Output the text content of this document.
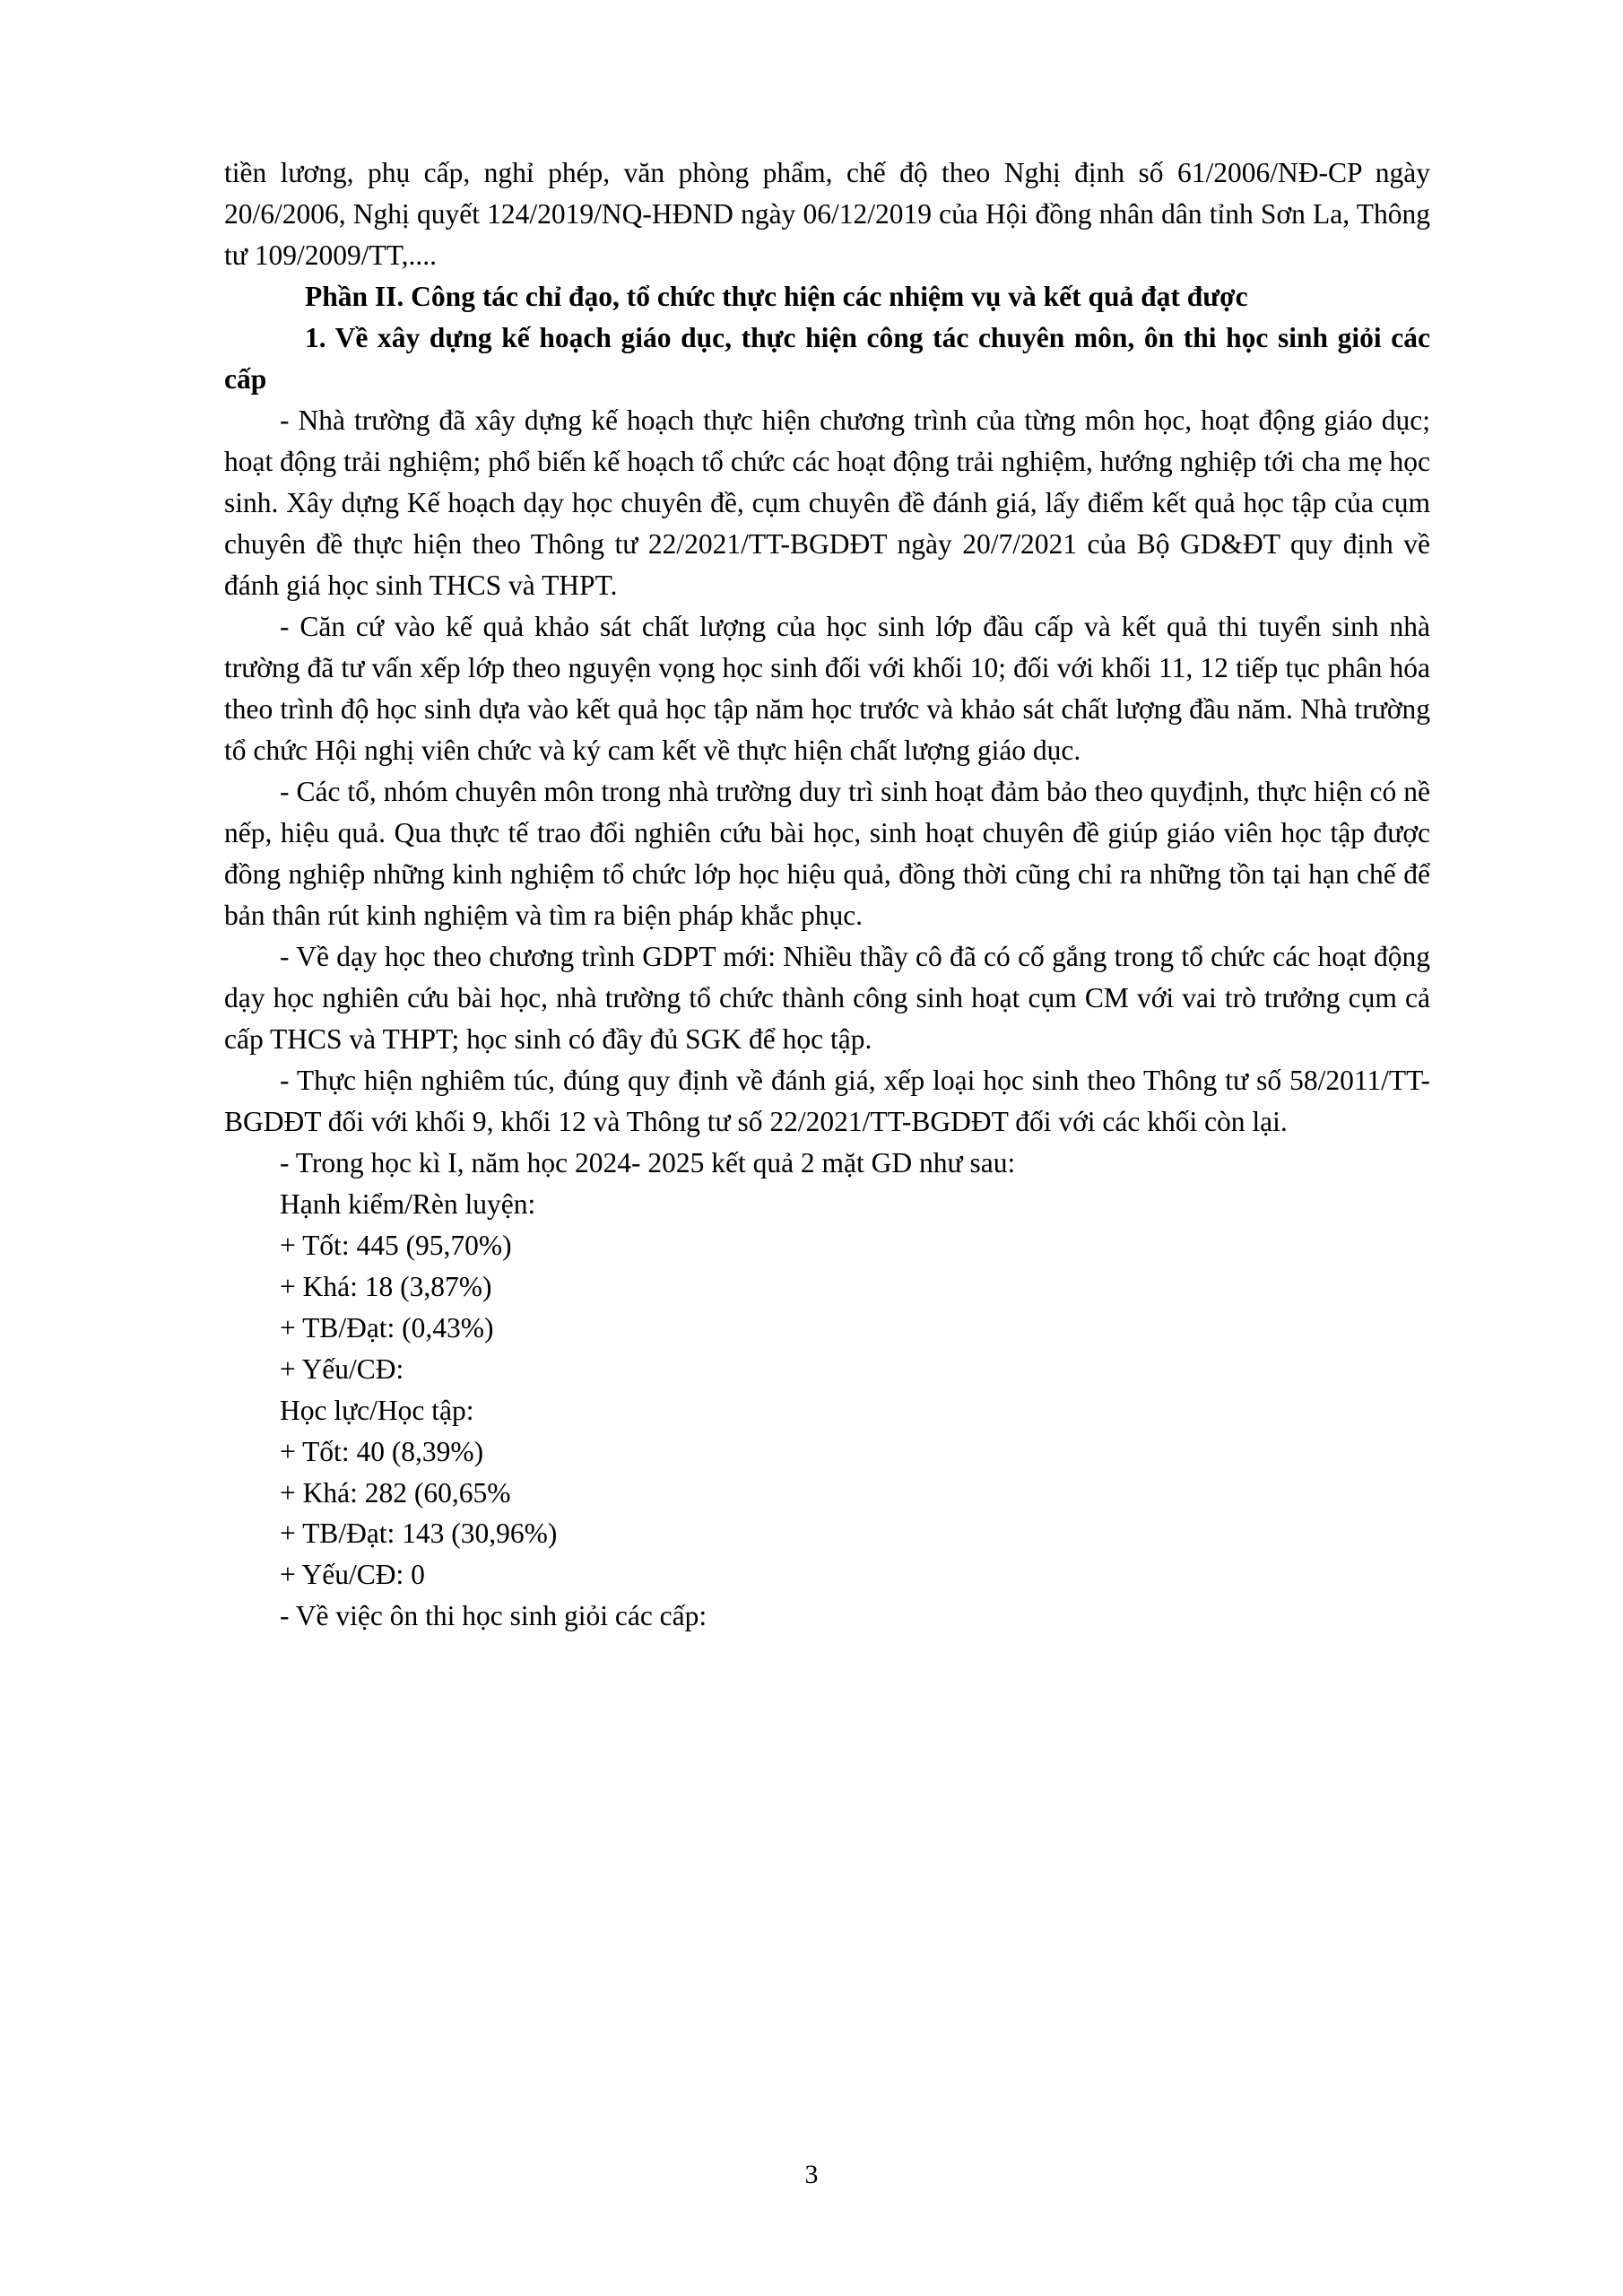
tiền lương, phụ cấp, nghỉ phép, văn phòng phẩm, chế độ theo Nghị định số 61/2006/NĐ-CP ngày 20/6/2006, Nghị quyết 124/2019/NQ-HĐND ngày 06/12/2019 của Hội đồng nhân dân tỉnh Sơn La, Thông tư 109/2009/TT,....

Phần II. Công tác chỉ đạo, tổ chức thực hiện các nhiệm vụ và kết quả đạt được

1. Về xây dựng kế hoạch giáo dục, thực hiện công tác chuyên môn, ôn thi học sinh giỏi các cấp

- Nhà trường đã xây dựng kế hoạch thực hiện chương trình của từng môn học, hoạt động giáo dục; hoạt động trải nghiệm; phổ biến kế hoạch tổ chức các hoạt động trải nghiệm, hướng nghiệp tới cha mẹ học sinh. Xây dựng Kế hoạch dạy học chuyên đề, cụm chuyên đề đánh giá, lấy điểm kết quả học tập của cụm chuyên đề thực hiện theo Thông tư 22/2021/TT-BGDĐT ngày 20/7/2021 của Bộ GD&ĐT quy định về đánh giá học sinh THCS và THPT.

- Căn cứ vào kế quả khảo sát chất lượng của học sinh lớp đầu cấp và kết quả thi tuyển sinh nhà trường đã tư vấn xếp lớp theo nguyện vọng học sinh đối với khối 10; đối với khối 11, 12 tiếp tục phân hóa theo trình độ học sinh dựa vào kết quả học tập năm học trước và khảo sát chất lượng đầu năm. Nhà trường tổ chức Hội nghị viên chức và ký cam kết về thực hiện chất lượng giáo dục.

- Các tổ, nhóm chuyên môn trong nhà trường duy trì sinh hoạt đảm bảo theo quyđịnh, thực hiện có nề nếp, hiệu quả. Qua thực tế trao đổi nghiên cứu bài học, sinh hoạt chuyên đề giúp giáo viên học tập được đồng nghiệp những kinh nghiệm tổ chức lớp học hiệu quả, đồng thời cũng chỉ ra những tồn tại hạn chế để bản thân rút kinh nghiệm và tìm ra biện pháp khắc phục.

- Về dạy học theo chương trình GDPT mới: Nhiều thầy cô đã có cố gắng trong tổ chức các hoạt động dạy học nghiên cứu bài học, nhà trường tổ chức thành công sinh hoạt cụm CM với vai trò trưởng cụm cả cấp THCS và THPT; học sinh có đầy đủ SGK để học tập.

- Thực hiện nghiêm túc, đúng quy định về đánh giá, xếp loại học sinh theo Thông tư số 58/2011/TT-BGDĐT đối với khối 9, khối 12 và Thông tư số 22/2021/TT-BGDĐT đối với các khối còn lại.

- Trong học kì I, năm học 2024- 2025 kết quả 2 mặt GD như sau:

Hạnh kiểm/Rèn luyện:

+ Tốt: 445 (95,70%)

+ Khá: 18 (3,87%)

+ TB/Đạt: (0,43%)

+ Yếu/CĐ:

Học lực/Học tập:

+ Tốt: 40 (8,39%)

+ Khá: 282 (60,65%

+ TB/Đạt: 143 (30,96%)

+ Yếu/CĐ: 0

- Về việc ôn thi học sinh giỏi các cấp:

3
